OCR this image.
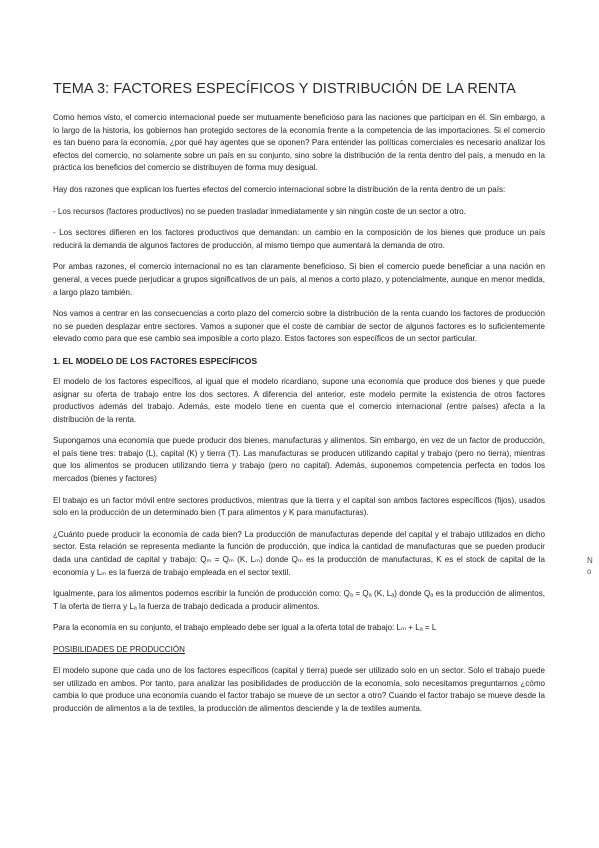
TEMA 3: FACTORES ESPECÍFICOS Y DISTRIBUCIÓN DE LA RENTA

Como hemos visto, el comercio internacional puede ser mutuamente beneficioso para las naciones que participan en él. Sin embargo, a lo largo de la historia, los gobiernos han protegido sectores de la economía frente a la competencia de las importaciones. Si el comercio es tan bueno para la economía, ¿por qué hay agentes que se oponen? Para entender las políticas comerciales es necesario analizar los efectos del comercio, no solamente sobre un país en su conjunto, sino sobre la distribución de la renta dentro del país, a menudo en la práctica los beneficios del comercio se distribuyen de forma muy desigual.

Hay dos razones que explican los fuertes efectos del comercio internacional sobre la distribución de la renta dentro de un país:

- Los recursos (factores productivos) no se pueden trasladar inmediatamente y sin ningún coste de un sector a otro.

- Los sectores difieren en los factores productivos que demandan: un cambio en la composición de los bienes que produce un país reducirá la demanda de algunos factores de producción, al mismo tiempo que aumentará la demanda de otro.

Por ambas razones, el comercio internacional no es tan claramente beneficioso. Si bien el comercio puede beneficiar a una nación en general, a veces puede perjudicar a grupos significativos de un país, al menos a corto plazo, y potencialmente, aunque en menor medida, a largo plazo también.

Nos vamos a centrar en las consecuencias a corto plazo del comercio sobre la distribución de la renta cuando los factores de producción no se pueden desplazar entre sectores. Vamos a suponer que el coste de cambiar de sector de algunos factores es lo suficientemente elevado como para que ese cambio sea imposible a corto plazo. Estos factores son específicos de un sector particular.

1. EL MODELO DE LOS FACTORES ESPECÍFICOS

El modelo de los factores específicos, al igual que el modelo ricardiano, supone una economía que produce dos bienes y que puede asignar su oferta de trabajo entre los dos sectores. A diferencia del anterior, este modelo permite la existencia de otros factores productivos además del trabajo. Además, este modelo tiene en cuenta que el comercio internacional (entre países) afecta a la distribución de la renta.

Supongamos una economía que puede producir dos bienes, manufacturas y alimentos. Sin embargo, en vez de un factor de producción, el país tiene tres: trabajo (L), capital (K) y tierra (T). Las manufacturas se producen utilizando capital y trabajo (pero no tierra), mientras que los alimentos se producen utilizando tierra y trabajo (pero no capital). Además, suponemos competencia perfecta en todos los mercados (bienes y factores)

El trabajo es un factor móvil entre sectores productivos, mientras que la tierra y el capital son ambos factores específicos (fijos), usados solo en la producción de un determinado bien (T para alimentos y K para manufacturas).

¿Cuánto puede producir la economía de cada bien? La producción de manufacturas depende del capital y el trabajo utilizados en dicho sector. Esta relación se representa mediante la función de producción, que indica la cantidad de manufacturas que se pueden producir dada una cantidad de capital y trabajo: Qₘ = Qₘ (K, Lₘ) donde Qₘ es la producción de manufacturas, K es el stock de capital de la economía y Lₘ es la fuerza de trabajo empleada en el sector textil.

Igualmente, para los alimentos podemos escribir la función de producción como: Qₐ = Qₐ (K, Lₐ) donde Qₐ es la producción de alimentos, T la oferta de tierra y Lₐ la fuerza de trabajo dedicada a producir alimentos.

Para la economía en su conjunto, el trabajo empleado debe ser igual a la oferta total de trabajo: Lₘ + Lₐ = L

POSIBILIDADES DE PRODUCCIÓN

El modelo supone que cada uno de los factores específicos (capital y tierra) puede ser utilizado solo en un sector. Solo el trabajo puede ser utilizado en ambos. Por tanto, para analizar las posibilidades de producción de la economía, solo necesitamos preguntarnos ¿cómo cambia lo que produce una economía cuando el factor trabajo se mueve de un sector a otro? Cuando el factor trabajo se mueve desde la producción de alimentos a la de textiles, la producción de alimentos desciende y la de textiles aumenta.

N
o
